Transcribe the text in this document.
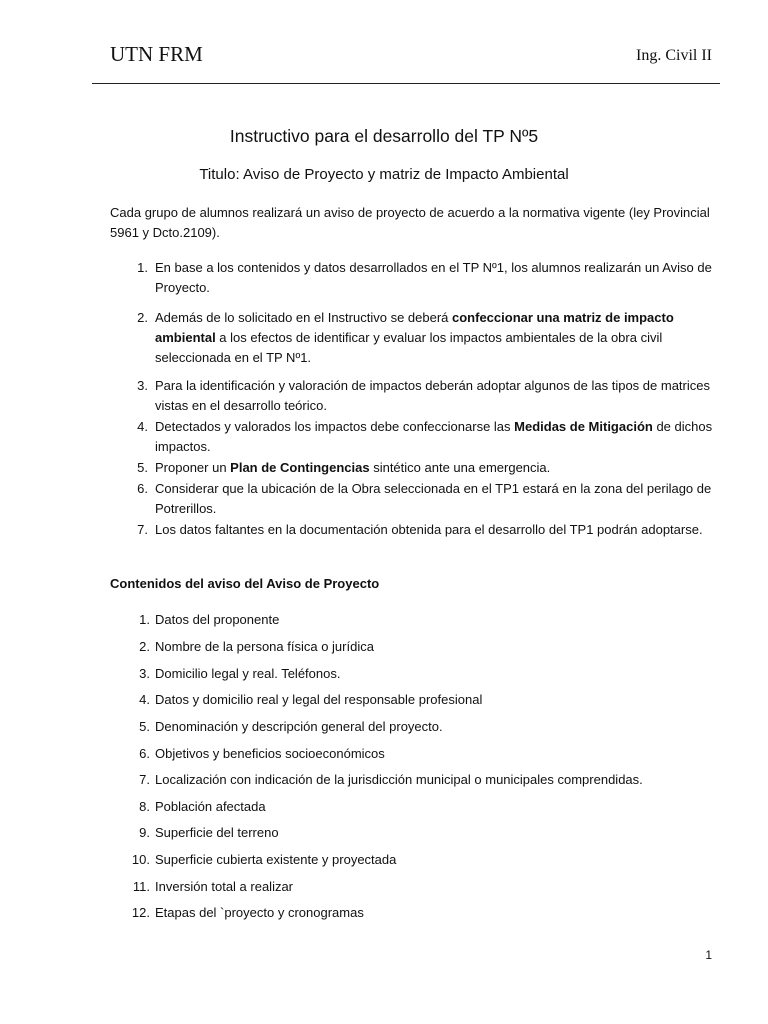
UTN FRM	Ing. Civil II
Instructivo para el desarrollo del TP Nº5
Titulo: Aviso de Proyecto y matriz de Impacto Ambiental
Cada grupo de alumnos realizará un aviso de proyecto de acuerdo a la normativa vigente (ley Provincial 5961 y Dcto.2109).
1. En base a los contenidos y datos desarrollados en el TP Nº1, los alumnos realizarán un Aviso de Proyecto.
2. Además de lo solicitado en el Instructivo se deberá confeccionar una matriz de impacto ambiental a los efectos de identificar y evaluar los impactos ambientales de la obra civil seleccionada en el TP Nº1.
3. Para la identificación y valoración de impactos deberán adoptar algunos de las tipos de matrices vistas en el desarrollo teórico.
4. Detectados y valorados los impactos debe confeccionarse las Medidas de Mitigación de dichos impactos.
5. Proponer un Plan de Contingencias sintético ante una emergencia.
6. Considerar que la ubicación de la Obra seleccionada en el TP1 estará en la zona del perilago de Potrerillos.
7. Los datos faltantes en la documentación obtenida para el desarrollo del TP1 podrán adoptarse.
Contenidos del aviso del Aviso de Proyecto
1. Datos del proponente
2. Nombre de la persona física o jurídica
3. Domicilio legal y real. Teléfonos.
4. Datos y domicilio real y legal del responsable profesional
5. Denominación y descripción general del proyecto.
6. Objetivos y beneficios socioeconómicos
7. Localización con indicación de la jurisdicción municipal o municipales comprendidas.
8. Población afectada
9. Superficie del terreno
10. Superficie cubierta existente y proyectada
11. Inversión total a realizar
12. Etapas del `proyecto y cronogramas
1
